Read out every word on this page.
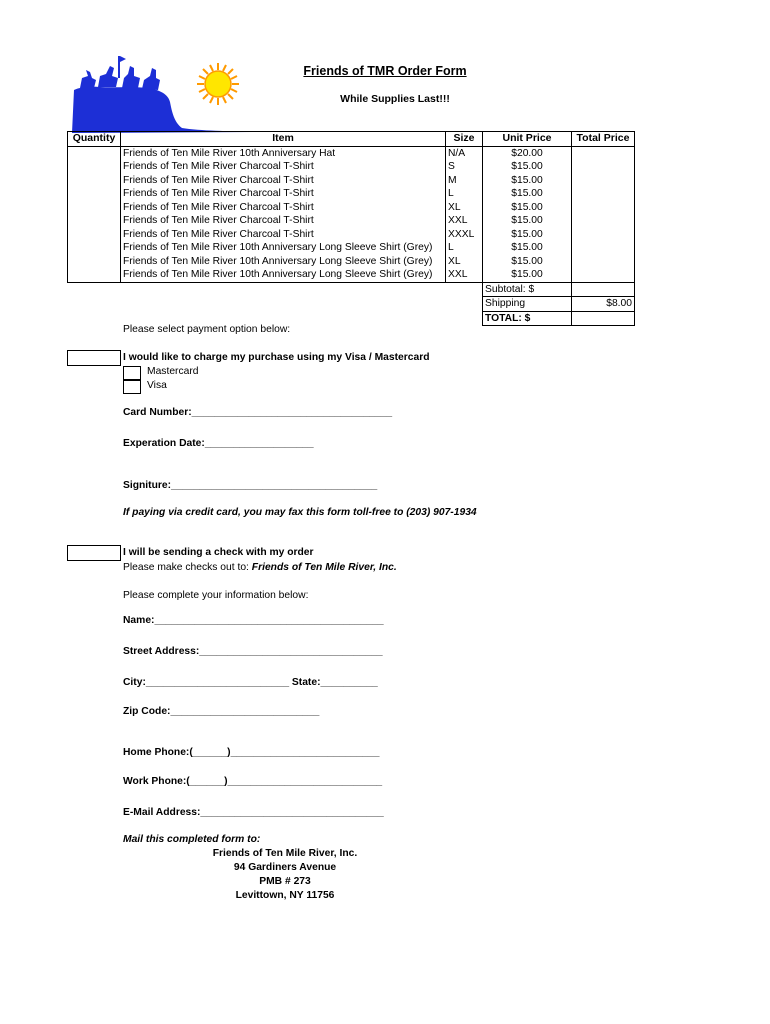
Friends of TMR Order Form
While Supplies Last!!!
Quantity	Item	Size	Unit Price	Total Price
	Friends of Ten Mile River 10th Anniversary Hat	N/A	$20.00	
	Friends of Ten Mile River Charcoal T-Shirt	S	$15.00	
	Friends of Ten Mile River Charcoal T-Shirt	M	$15.00	
	Friends of Ten Mile River Charcoal T-Shirt	L	$15.00	
	Friends of Ten Mile River Charcoal T-Shirt	XL	$15.00	
	Friends of Ten Mile River Charcoal T-Shirt	XXL	$15.00	
	Friends of Ten Mile River Charcoal T-Shirt	XXXL	$15.00	
	Friends of Ten Mile River 10th Anniversary Long Sleeve Shirt (Grey)	L	$15.00	
	Friends of Ten Mile River 10th Anniversary Long Sleeve Shirt (Grey)	XL	$15.00	
	Friends of Ten Mile River 10th Anniversary Long Sleeve Shirt (Grey)	XXL	$15.00	
			Subtotal: $	
			Shipping	$8.00
			TOTAL: $	
Please select payment option below:
I would like to charge my purchase using my Visa / Mastercard
Mastercard
Visa
Card Number:___________________________________
Experation Date:___________________
Signiture:____________________________________
If paying via credit card, you may fax this form toll-free to (203) 907-1934
I will be sending a check with my order
Please make checks out to: Friends of Ten Mile River, Inc.
Please complete your information below:
Name:________________________________________
Street Address:________________________________
City:_________________________ State:__________
Zip Code:__________________________
Home Phone:(______)__________________________
Work Phone:(______)___________________________
E-Mail Address:________________________________
Mail this completed form to:
Friends of Ten Mile River, Inc.
94 Gardiners Avenue
PMB # 273
Levittown, NY 11756
